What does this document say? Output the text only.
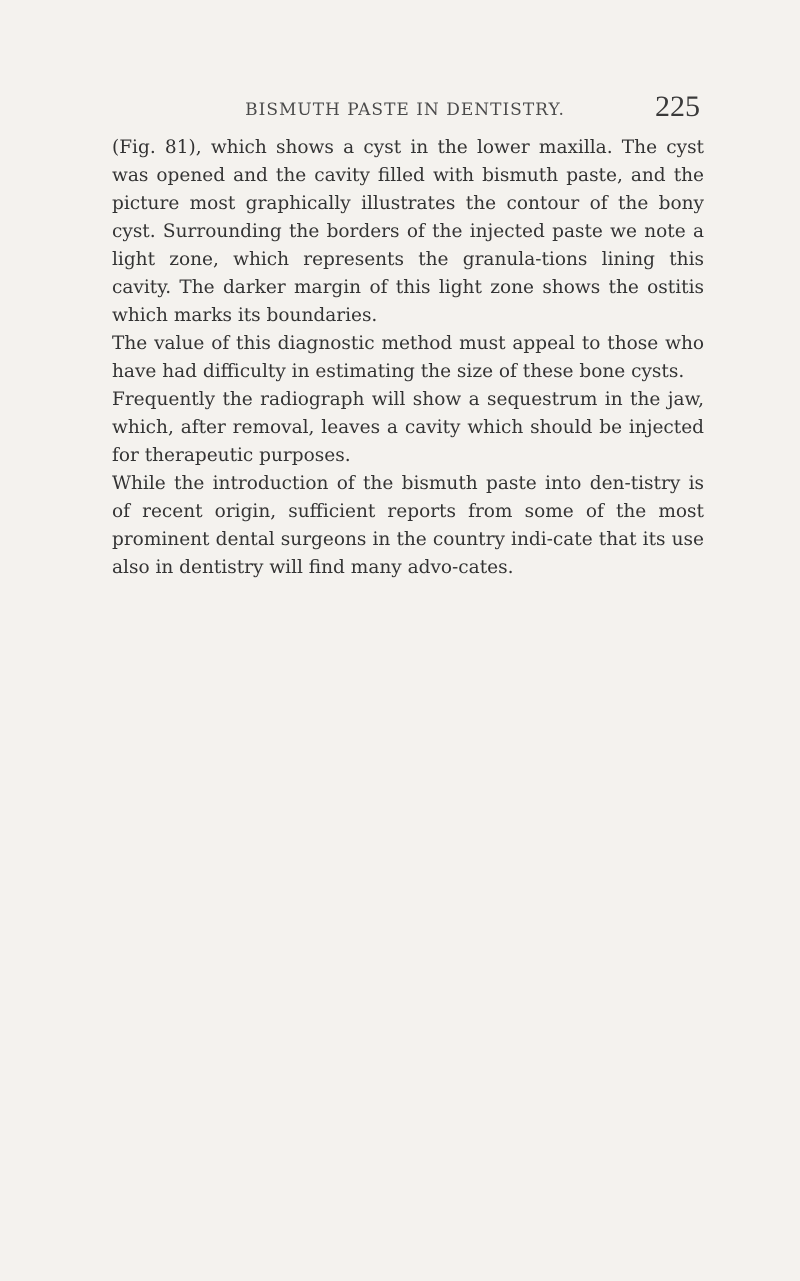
BISMUTH PASTE IN DENTISTRY.	225

(Fig. 81), which shows a cyst in the lower maxilla. The cyst was opened and the cavity filled with bismuth paste, and the picture most graphically illustrates the contour of the bony cyst. Surrounding the borders of the injected paste we note a light zone, which represents the granula-tions lining this cavity. The darker margin of this light zone shows the ostitis which marks its boundaries.

The value of this diagnostic method must appeal to those who have had difficulty in estimating the size of these bone cysts.

Frequently the radiograph will show a sequestrum in the jaw, which, after removal, leaves a cavity which should be injected for therapeutic purposes.

While the introduction of the bismuth paste into den-tistry is of recent origin, sufficient reports from some of the most prominent dental surgeons in the country indi-cate that its use also in dentistry will find many advo-cates.
